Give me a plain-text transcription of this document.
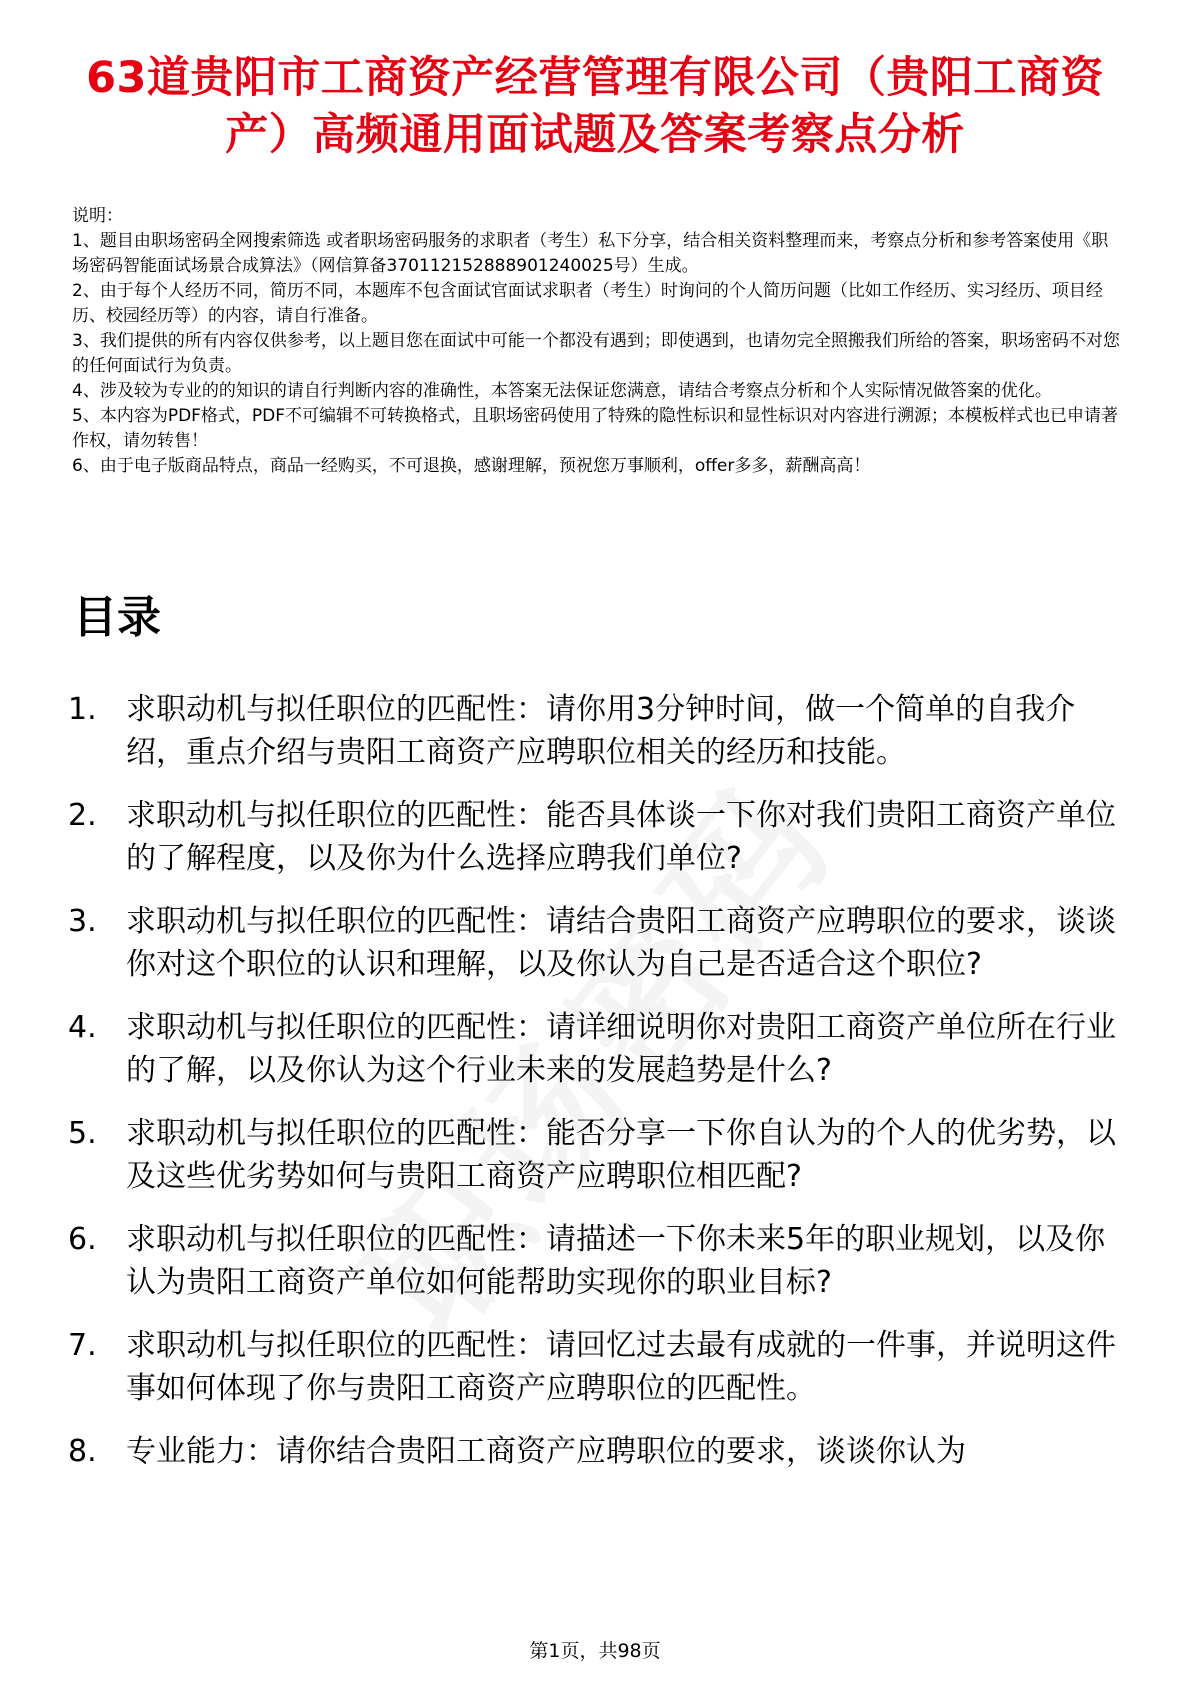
63道贵阳市工商资产经营管理有限公司（贵阳工商资产）高频通用面试题及答案考察点分析

说明：

1、题目由职场密码全网搜索筛选 或者职场密码服务的求职者（考生）私下分享，结合相关资料整理而来，考察点分析和参考答案使用《职场密码智能面试场景合成算法》（网信算备370112152888901240025号）生成。

2、由于每个人经历不同，简历不同，本题库不包含面试官面试求职者（考生）时询问的个人简历问题（比如工作经历、实习经历、项目经历、校园经历等）的内容，请自行准备。

3、我们提供的所有内容仅供参考，以上题目您在面试中可能一个都没有遇到；即使遇到，也请勿完全照搬我们所给的答案，职场密码不对您的任何面试行为负责。

4、涉及较为专业的的知识的请自行判断内容的准确性，本答案无法保证您满意，请结合考察点分析和个人实际情况做答案的优化。

5、本内容为PDF格式，PDF不可编辑不可转换格式，且职场密码使用了特殊的隐性标识和显性标识对内容进行溯源；本模板样式也已申请著作权，请勿转售！

6、由于电子版商品特点，商品一经购买，不可退换，感谢理解，预祝您万事顺利，offer多多，薪酬高高！

目录
1. 求职动机与拟任职位的匹配性：请你用3分钟时间，做一个简单的自我介绍，重点介绍与贵阳工商资产应聘职位相关的经历和技能。
2. 求职动机与拟任职位的匹配性：能否具体谈一下你对我们贵阳工商资产单位的了解程度，以及你为什么选择应聘我们单位?
3. 求职动机与拟任职位的匹配性：请结合贵阳工商资产应聘职位的要求，谈谈你对这个职位的认识和理解，以及你认为自己是否适合这个职位?
4. 求职动机与拟任职位的匹配性：请详细说明你对贵阳工商资产单位所在行业的了解，以及你认为这个行业未来的发展趋势是什么?
5. 求职动机与拟任职位的匹配性：能否分享一下你自认为的个人的优劣势，以及这些优劣势如何与贵阳工商资产应聘职位相匹配?
6. 求职动机与拟任职位的匹配性：请描述一下你未来5年的职业规划，以及你认为贵阳工商资产单位如何能帮助实现你的职业目标?
7. 求职动机与拟任职位的匹配性：请回忆过去最有成就的一件事，并说明这件事如何体现了你与贵阳工商资产应聘职位的匹配性。
8. 专业能力：请你结合贵阳工商资产应聘职位的要求，谈谈你认为
第1页，共98页
